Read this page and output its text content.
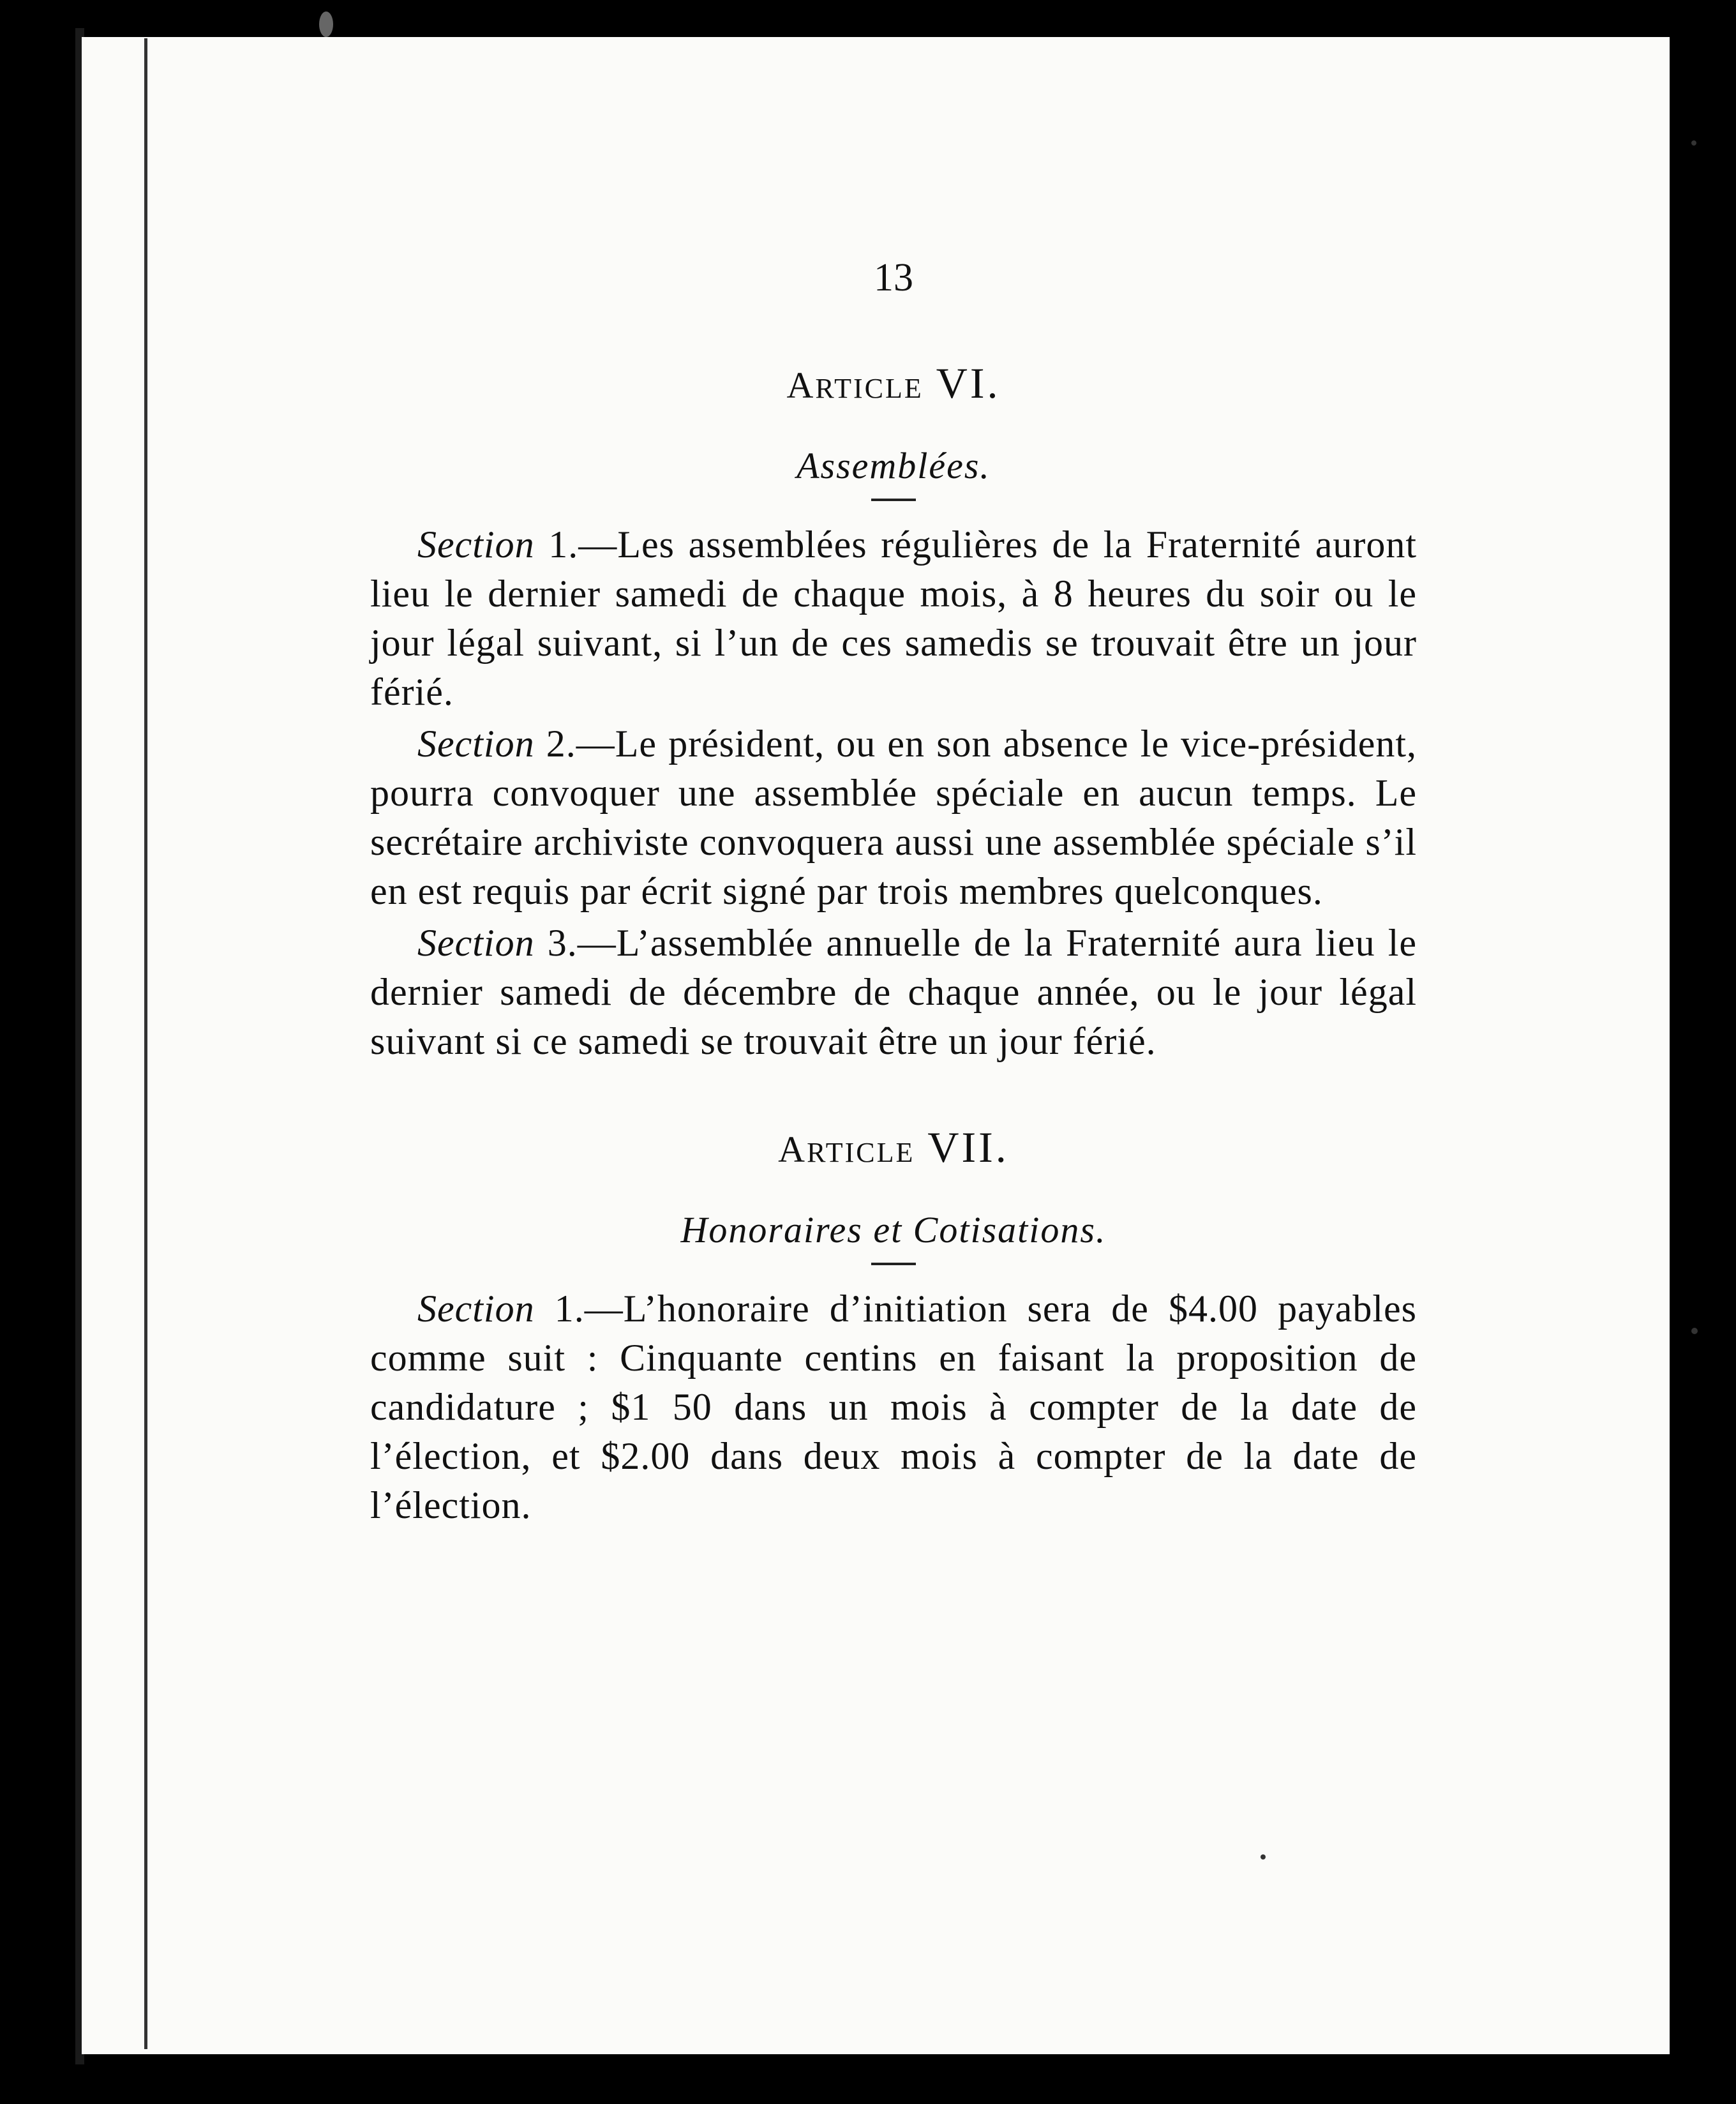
13

ARTICLE VI.

Assemblées.

Section 1.—Les assemblées régulières de la Fraternité auront lieu le dernier samedi de chaque mois, à 8 heures du soir ou le jour légal suivant, si l’un de ces samedis se trouvait être un jour férié.

Section 2.—Le président, ou en son absence le vice-président, pourra convoquer une assemblée spéciale en aucun temps. Le secrétaire archiviste convoquera aussi une assemblée spéciale s’il en est requis par écrit signé par trois membres quelconques.

Section 3.—L’assemblée annuelle de la Fraternité aura lieu le dernier samedi de décembre de chaque année, ou le jour légal suivant si ce samedi se trouvait être un jour férié.

ARTICLE VII.

Honoraires et Cotisations.

Section 1.—L’honoraire d’initiation sera de $4.00 payables comme suit : Cinquante centins en faisant la proposition de candidature ; $1 50 dans un mois à compter de la date de l’élection, et $2.00 dans deux mois à compter de la date de l’élection.
